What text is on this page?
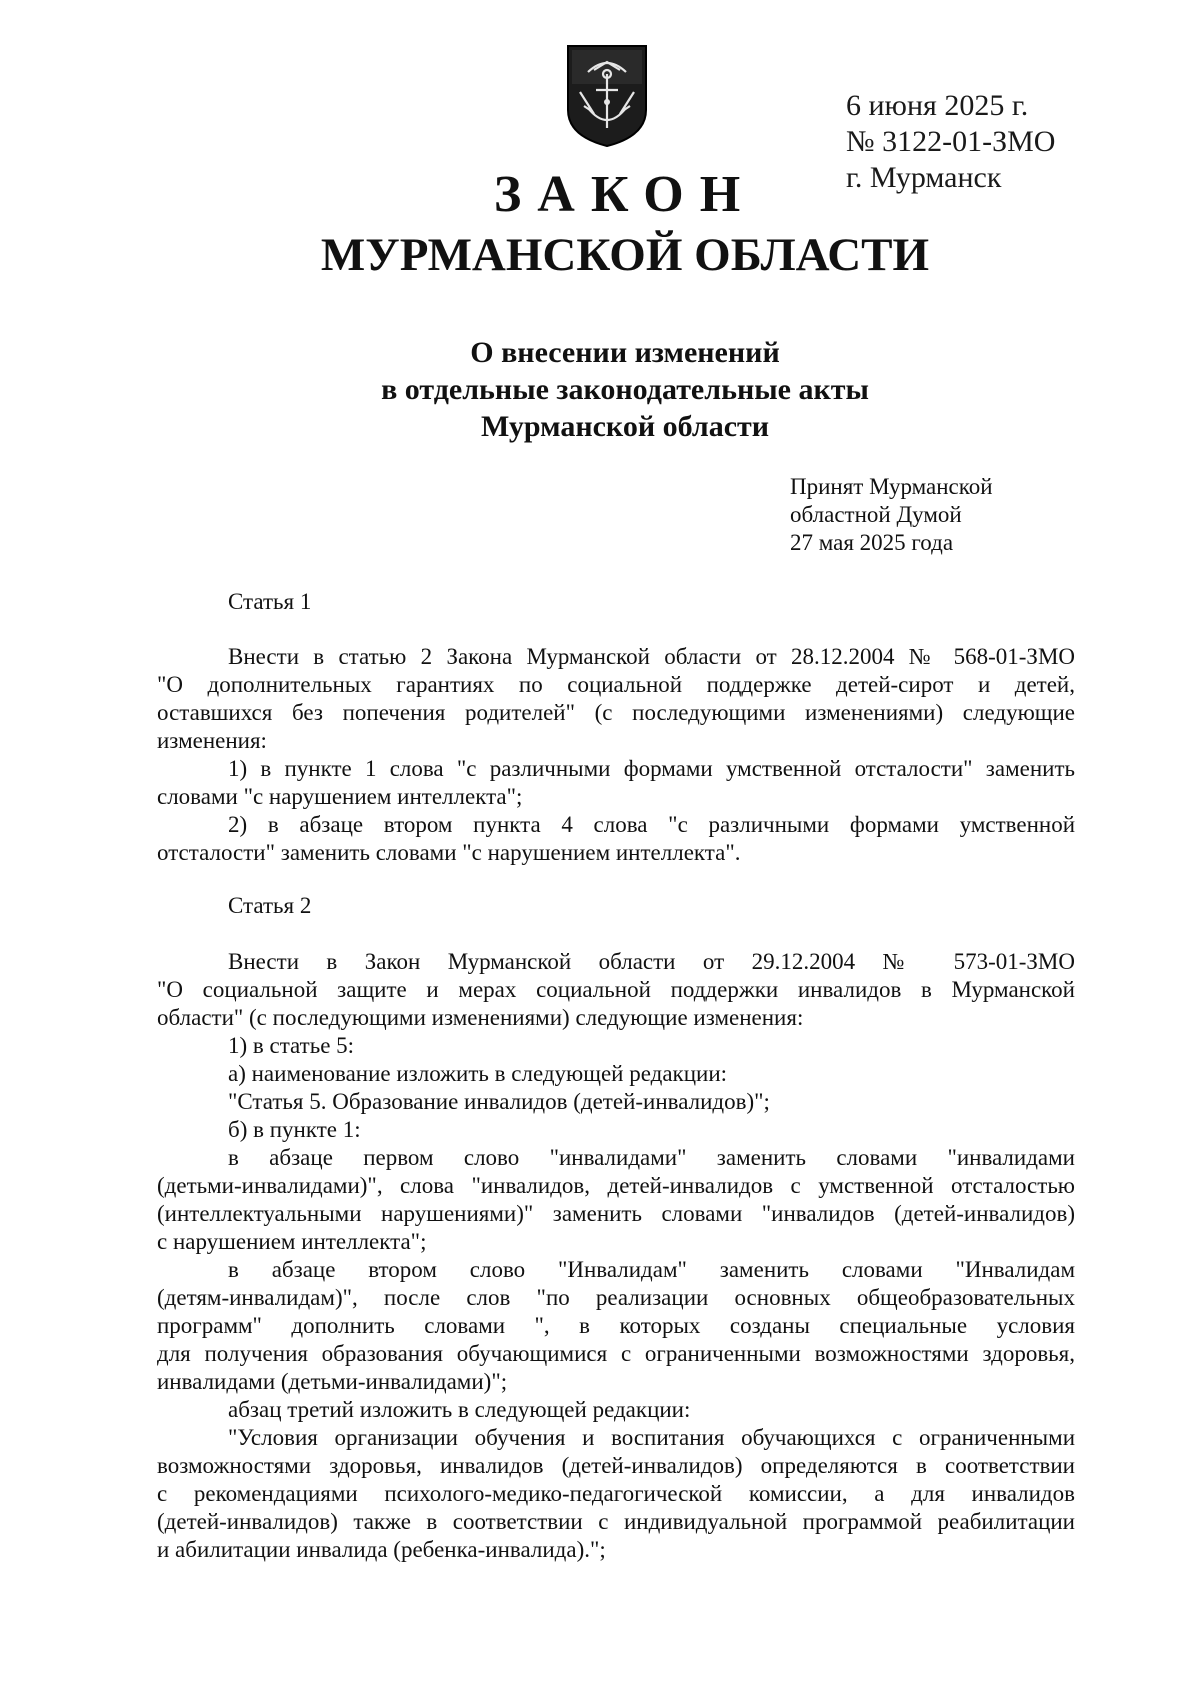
6 июня 2025 г.
№ 3122-01-ЗМО
г. Мурманск
ЗАКОН
МУРМАНСКОЙ ОБЛАСТИ
О внесении изменений
в отдельные законодательные акты
Мурманской области
Принят Мурманской
областной Думой
27 мая 2025 года
Статья 1
Внести в статью 2 Закона Мурманской области от 28.12.2004 № 568-01-ЗМО
"О дополнительных гарантиях по социальной поддержке детей-сирот и детей,
оставшихся без попечения родителей" (с последующими изменениями) следующие
изменения:
1) в пункте 1 слова "с различными формами умственной отсталости" заменить
словами "с нарушением интеллекта";
2) в абзаце втором пункта 4 слова "с различными формами умственной
отсталости" заменить словами "с нарушением интеллекта".
Статья 2
Внести в Закон Мурманской области от 29.12.2004 № 573-01-ЗМО
"О социальной защите и мерах социальной поддержки инвалидов в Мурманской
области" (с последующими изменениями) следующие изменения:
1) в статье 5:
а) наименование изложить в следующей редакции:
"Статья 5. Образование инвалидов (детей-инвалидов)";
б) в пункте 1:
в абзаце первом слово "инвалидами" заменить словами "инвалидами
(детьми-инвалидами)", слова "инвалидов, детей-инвалидов с умственной отсталостью
(интеллектуальными нарушениями)" заменить словами "инвалидов (детей-инвалидов)
с нарушением интеллекта";
в абзаце втором слово "Инвалидам" заменить словами "Инвалидам
(детям-инвалидам)", после слов "по реализации основных общеобразовательных
программ" дополнить словами ", в которых созданы специальные условия
для получения образования обучающимися с ограниченными возможностями здоровья,
инвалидами (детьми-инвалидами)";
абзац третий изложить в следующей редакции:
"Условия организации обучения и воспитания обучающихся с ограниченными
возможностями здоровья, инвалидов (детей-инвалидов) определяются в соответствии
с рекомендациями психолого-медико-педагогической комиссии, а для инвалидов
(детей-инвалидов) также в соответствии с индивидуальной программой реабилитации
и абилитации инвалида (ребенка-инвалида).";
